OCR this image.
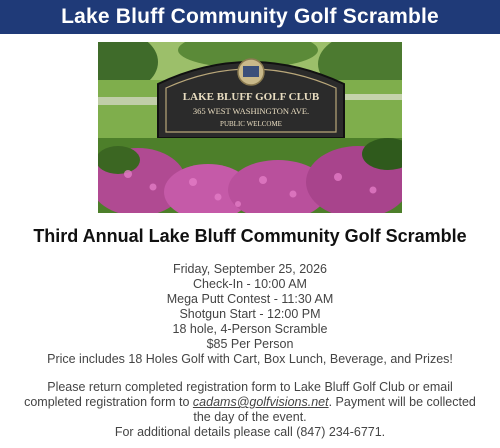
Lake Bluff Community Golf Scramble
LAKE BLUFF GOLF CLUB
365 WEST WASHINGTON AVE.
PUBLIC WELCOME
Third Annual Lake Bluff Community Golf Scramble
Friday, September 25, 2026
Check-In - 10:00 AM
Mega Putt Contest - 11:30 AM
Shotgun Start - 12:00 PM
18 hole, 4-Person Scramble
$85 Per Person
Price includes 18 Holes Golf with Cart, Box Lunch, Beverage, and Prizes!
Please return completed registration form to Lake Bluff Golf Club or email completed registration form to cadams@golfvisions.net. Payment will be collected the day of the event.
For additional details please call (847) 234-6771.
